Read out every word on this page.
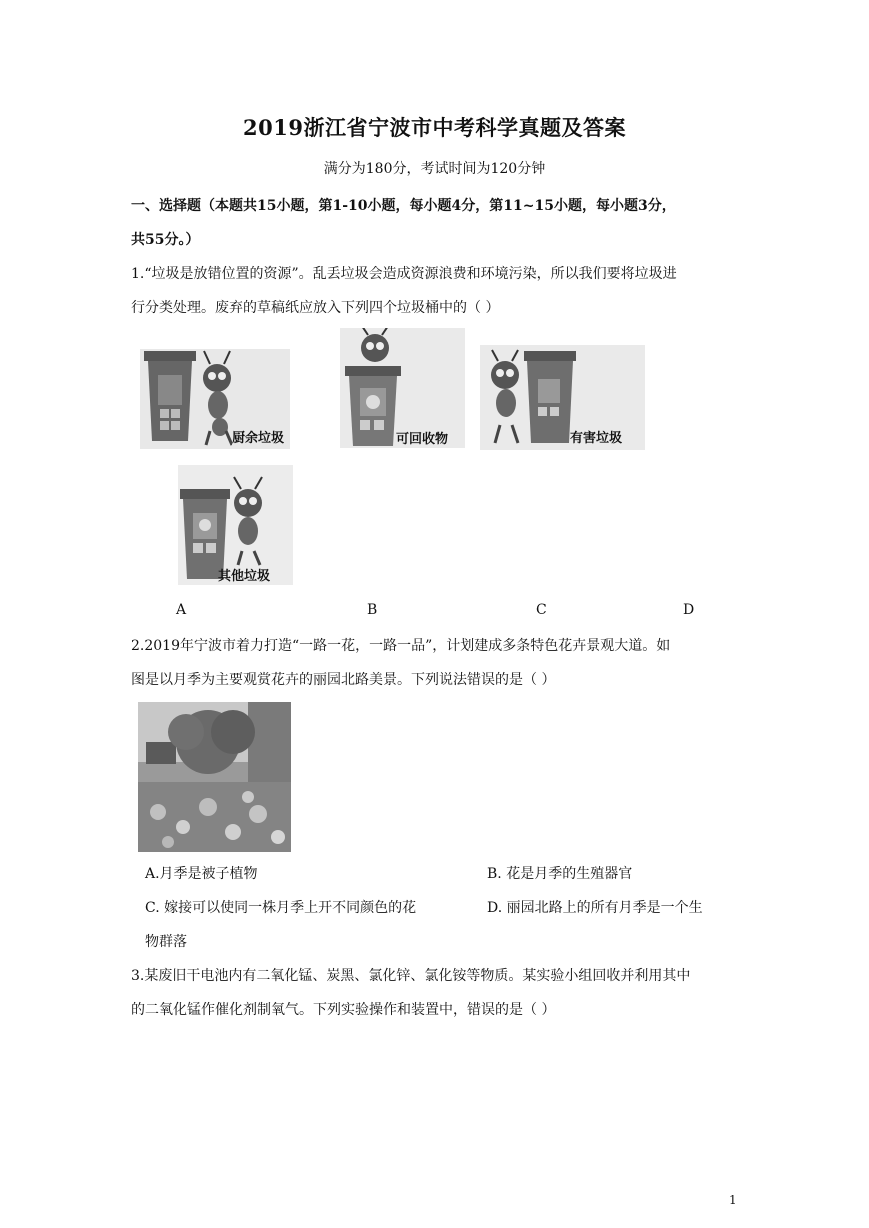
2019浙江省宁波市中考科学真题及答案
满分为180分，考试时间为120分钟
一、选择题（本题共15小题，第1-10小题，每小题4分，第11~15小题，每小题3分，
共55分。）
1.“垃圾是放错位置的资源”。乱丢垃圾会造成资源浪费和环境污染，所以我们要将垃圾进
行分类处理。废弃的草稿纸应放入下列四个垃圾桶中的（ ）
厨余垃圾	可回收物	有害垃圾
其他垃圾
A	B	C	D
2.2019年宁波市着力打造“一路一花，一路一品”，计划建成多条特色花卉景观大道。如
图是以月季为主要观赏花卉的丽园北路美景。下列说法错误的是（ ）
A.月季是被子植物	B. 花是月季的生殖器官
C. 嫁接可以使同一株月季上开不同颜色的花	D. 丽园北路上的所有月季是一个生
物群落
3.某废旧干电池内有二氧化锰、炭黑、氯化锌、氯化铵等物质。某实验小组回收并利用其中
的二氧化锰作催化剂制氧气。下列实验操作和装置中，错误的是（ ）
1
